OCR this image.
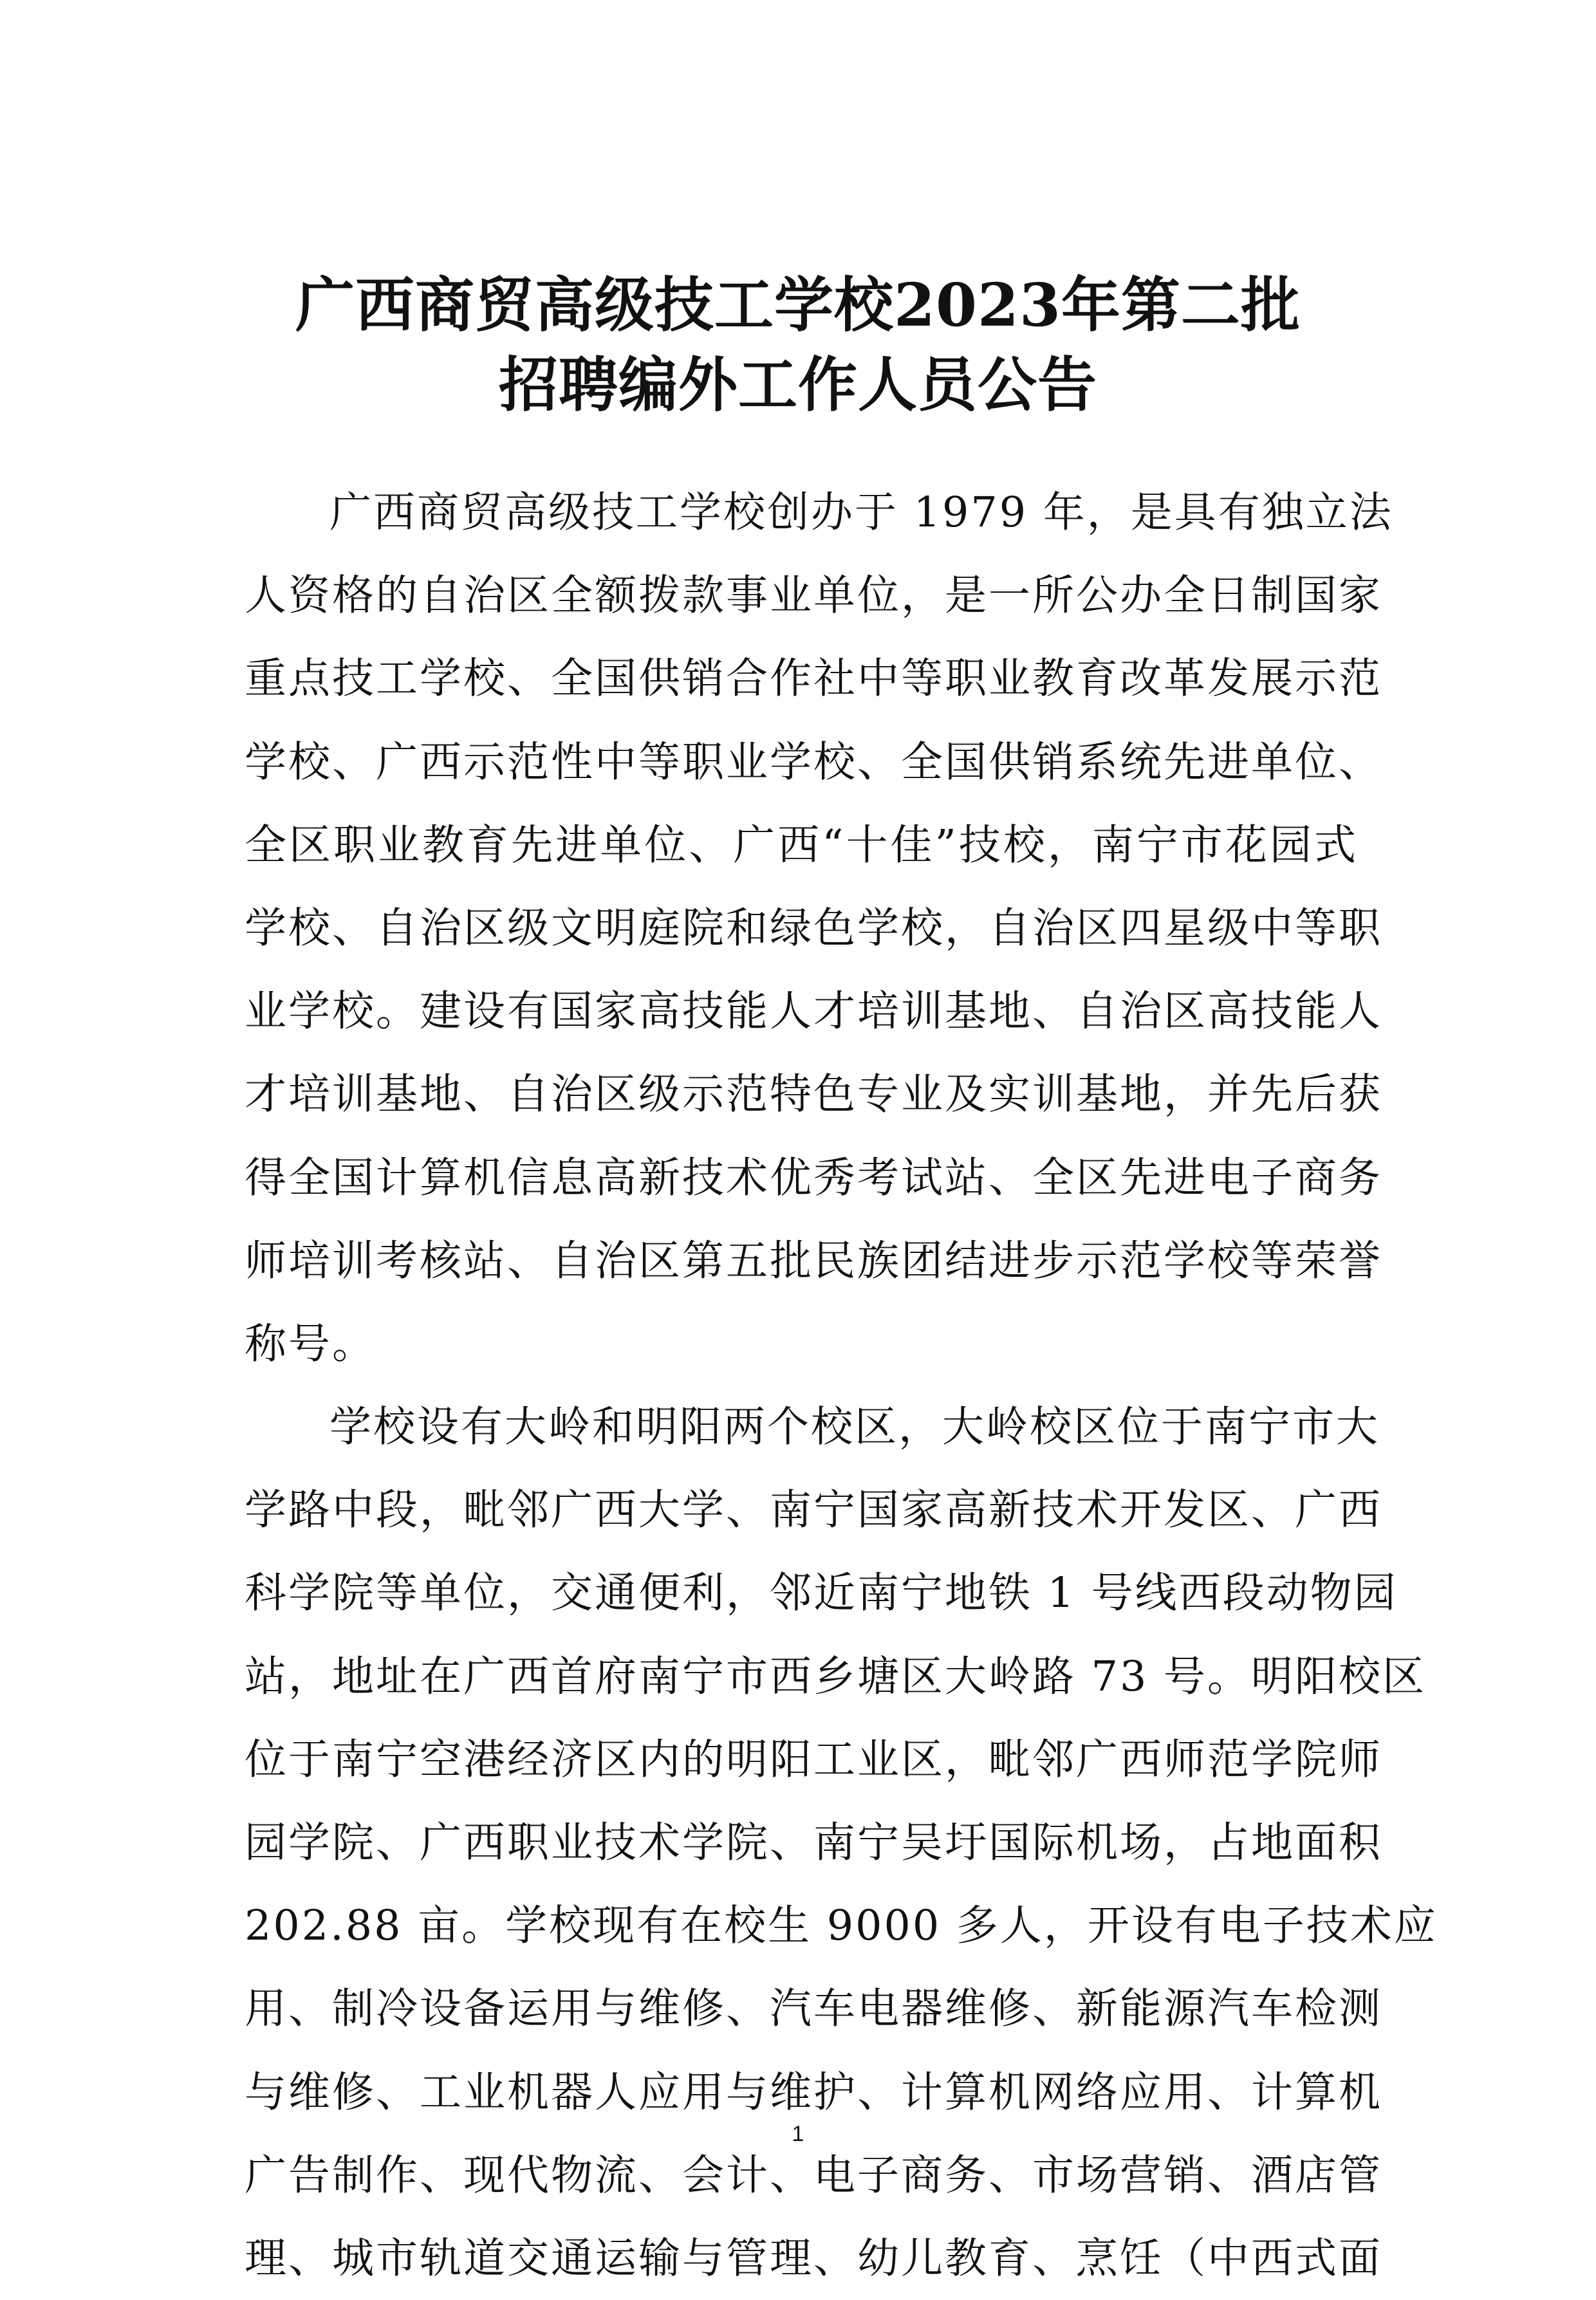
广西商贸高级技工学校2023年第二批
招聘编外工作人员公告
广西商贸高级技工学校创办于 1979 年，是具有独立法
人资格的自治区全额拨款事业单位，是一所公办全日制国家
重点技工学校、全国供销合作社中等职业教育改革发展示范
学校、广西示范性中等职业学校、全国供销系统先进单位、
全区职业教育先进单位、广西“十佳”技校，南宁市花园式
学校、自治区级文明庭院和绿色学校，自治区四星级中等职
业学校。建设有国家高技能人才培训基地、自治区高技能人
才培训基地、自治区级示范特色专业及实训基地，并先后获
得全国计算机信息高新技术优秀考试站、全区先进电子商务
师培训考核站、自治区第五批民族团结进步示范学校等荣誉
称号。
学校设有大岭和明阳两个校区，大岭校区位于南宁市大
学路中段，毗邻广西大学、南宁国家高新技术开发区、广西
科学院等单位，交通便利，邻近南宁地铁 1 号线西段动物园
站，地址在广西首府南宁市西乡塘区大岭路 73 号。明阳校区
位于南宁空港经济区内的明阳工业区，毗邻广西师范学院师
园学院、广西职业技术学院、南宁吴圩国际机场，占地面积
202.88 亩。学校现有在校生 9000 多人，开设有电子技术应
用、制冷设备运用与维修、汽车电器维修、新能源汽车检测
与维修、工业机器人应用与维护、计算机网络应用、计算机
广告制作、现代物流、会计、电子商务、市场营销、酒店管
理、城市轨道交通运输与管理、幼儿教育、烹饪（中西式面
1
